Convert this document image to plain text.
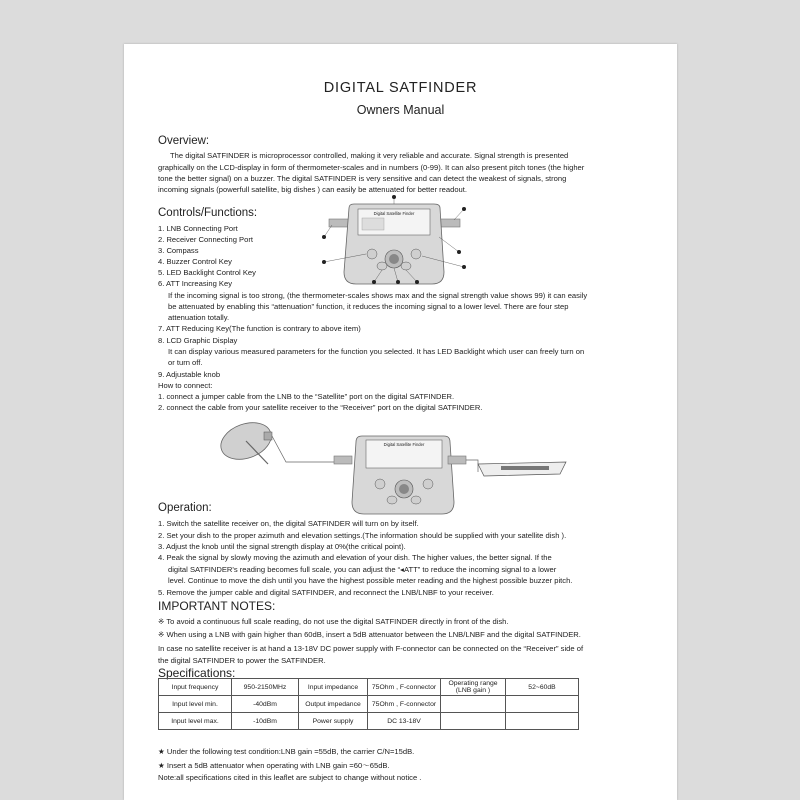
DIGITAL SATFINDER
Owners Manual
Overview:
The digital SATFINDER is microprocessor controlled, making it very reliable and accurate. Signal strength is presented
graphically on the LCD-display in form of thermometer-scales and in numbers (0-99). It can also present pitch tones (the higher
tone the better signal) on a buzzer. The digital SATFINDER is very sensitive and can detect the weakest of signals, strong
incoming signals (powerfull satellite, big dishes ) can easily be attenuated for better readout.
Controls/Functions:
1. LNB Connecting Port
2. Receiver Connecting Port
3. Compass
4. Buzzer Control Key
5. LED Backlight Control Key
6. ATT Increasing Key
If the incoming signal is too strong, (the thermometer-scales shows max and the signal strength value shows 99) it can easily
be attenuated by enabling this “attenuation” function, it reduces the incoming signal to a lower level. There are four step
attenuation totally.
7. ATT Reducing Key(The function is contrary to above item)
8. LCD Graphic Display
It can display various measured parameters for the function you selected. It has LED Backlight which user can freely turn on
or turn off.
9. Adjustable knob
How to connect:
1. connect a jumper cable from the LNB to the “Satellite” port on the digital SATFINDER.
2. connect the cable from your satellite receiver to the “Receiver” port on the digital SATFINDER.
Digital Satellite Finder
Digital Satellite Finder
Operation:
1. Switch the satellite receiver on, the digital SATFINDER will turn on by itself.
2. Set your dish to the proper azimuth and elevation settings.(The information should be supplied with your satellite dish ).
3. Adjust the knob until the signal strength display at 0%(the critical point).
4. Peak the signal by slowly moving the azimuth and elevation of your dish. The higher values, the better signal. If the
digital SATFINDER's reading becomes full scale, you can adjust the “◂ATT” to reduce the incoming signal to a lower
level. Continue to move the dish until you have the highest possible meter reading and the highest possible buzzer pitch.
5. Remove the jumper cable and digital SATFINDER, and reconnect the LNB/LNBF to your receiver.
IMPORTANT NOTES:
※ To avoid a continuous full scale reading, do not use the digital SATFINDER directly in front of the dish.
※ When using a LNB with gain higher than 60dB, insert a 5dB attenuator between the LNB/LNBF and the digital SATFINDER.
In case no satellite receiver is at hand a 13-18V DC power supply with F-connector can be connected on the “Receiver” side of
the digital SATFINDER to power the SATFINDER.
Specifications:
Input frequency	950-2150MHz	Input impedance	75Ohm , F-connector	Operating range
(LNB gain )	52~60dB
Input level min.	-40dBm	Output impedance	75Ohm , F-connector		
Input level max.	-10dBm	Power supply	DC 13-18V		
★ Under the following test condition:LNB gain =55dB, the carrier C/N=15dB.
★ Insert a 5dB attenuator when operating with LNB gain =60～65dB.
Note:all specifications cited in this leaflet are subject to change without notice .
